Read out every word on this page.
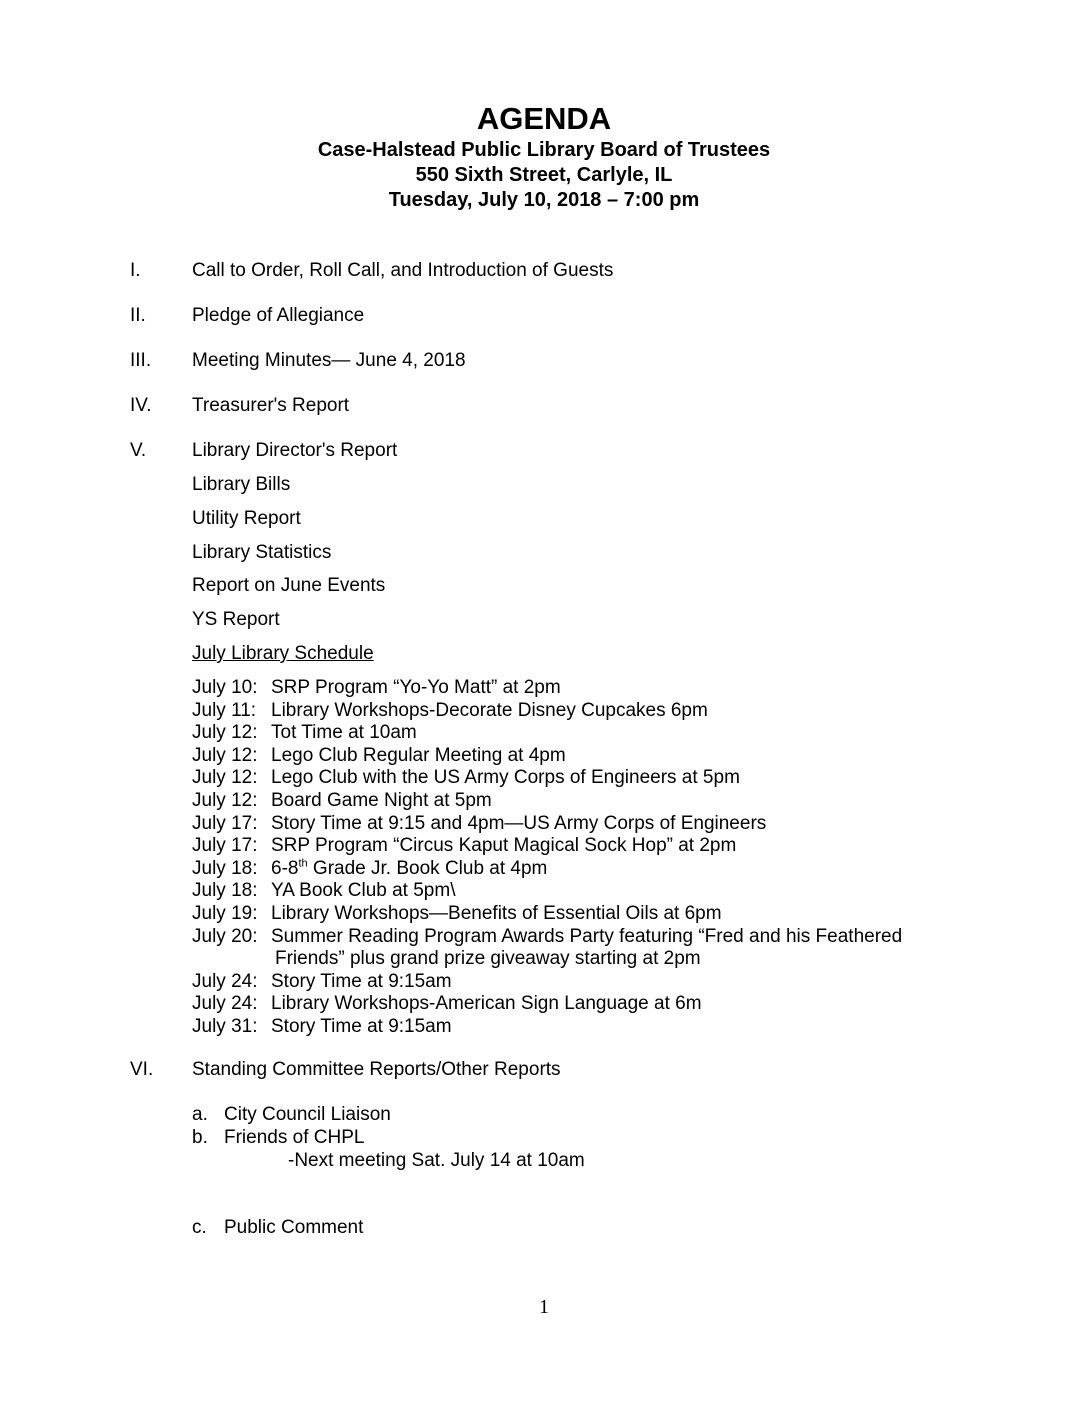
AGENDA

Case-Halstead Public Library Board of Trustees

550 Sixth Street, Carlyle, IL

Tuesday, July 10, 2018 – 7:00 pm

I.	Call to Order, Roll Call, and Introduction of Guests
II. Pledge of Allegiance
III. Meeting Minutes— June 4, 2018
IV. Treasurer's Report
V. Library Director's Report
Library Bills
Utility Report
Library Statistics
Report on June Events
YS Report
July Library Schedule
July 10: SRP Program “Yo-Yo Matt” at 2pm
July 11: Library Workshops-Decorate Disney Cupcakes 6pm
July 12: Tot Time at 10am
July 12: Lego Club Regular Meeting at 4pm
July 12: Lego Club with the US Army Corps of Engineers at 5pm
July 12: Board Game Night at 5pm
July 17: Story Time at 9:15 and 4pm—US Army Corps of Engineers
July 17: SRP Program “Circus Kaput Magical Sock Hop” at 2pm
July 18: 6-8th Grade Jr. Book Club at 4pm
July 18: YA Book Club at 5pm\
July 19: Library Workshops—Benefits of Essential Oils at 6pm
July 20: Summer Reading Program Awards Party featuring “Fred and his Feathered
Friends” plus grand prize giveaway starting at 2pm
July 24: Story Time at 9:15am
July 24: Library Workshops-American Sign Language at 6m
July 31: Story Time at 9:15am
VI. Standing Committee Reports/Other Reports
a. City Council Liaison
b. Friends of CHPL
-Next meeting Sat. July 14 at 10am
c. Public Comment
1
